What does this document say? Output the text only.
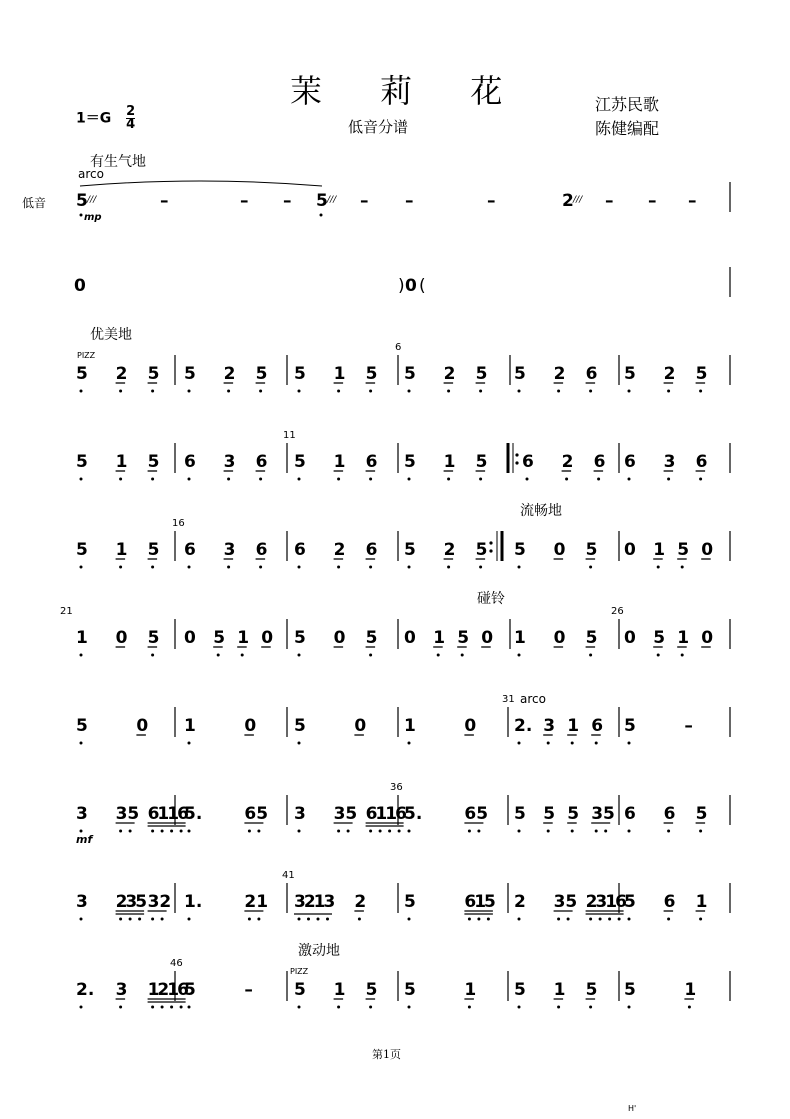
茉 莉 花
低音分谱
江苏民歌
陈健编配
$1=G \frac{2}{4}$
低音
有生气地
arco
5 ///
mp
–	– – 5 /// – –	–	2 /// – – –
0	) 0 (
优美地
PIZZ
6
5 2 5 5 2 5 5 1 5 5 2 5 5 2 6 5 2 5
11
5 1 5 6 3 6 5 1 6 5 1 5 6 2 6 6 3 6
流畅地
16
5 1 5 6 3 6 6 2 6 5 2 5 5 0 5 0 1 5 0
碰铃
21	26
1 0 5 0 5 1 0 5 0 5 0 1 5 0 1 0 5 0 5 1 0
arco
31
5	0 1	0 5	0 1	0 2. 3 1 6 5	–
36
mf
3 35 6116
5. 65 3 35 6116 5. 65 5 5 5 35 6 6 5
41
3 235 32 1. 21 3213 2 5	615 2 35 2316 5 6 1
激动地
PIZZ
46
2. 3 1216
5	– 5 1 5 5	1 5 1 5 5	1
第1页
H'
